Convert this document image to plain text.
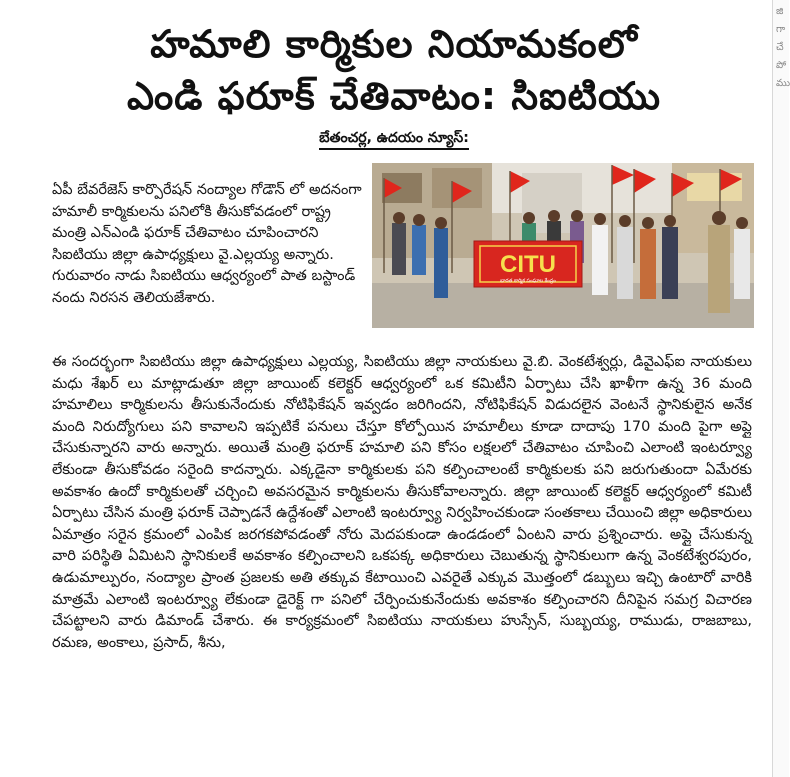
హమాలి కార్మికుల నియామకంలో
ఎండి ఫరూక్ చేతివాటం: సిఐటియు
బేతంచర్ల, ఉదయం న్యూస్:
CITU
భారత కార్మిక సంఘాల కేంద్రం
ఏపీ బేవరేజెస్ కార్పొరేషన్ నంద్యాల గోడౌన్ లో అదనంగా హమాలీ కార్మికులను పనిలోకి తీసుకోవడంలో రాష్ట్ర మంత్రి ఎన్ఎండి ఫరూక్ చేతివాటం చూపించారని సిఐటియు జిల్లా ఉపాధ్యక్షులు వై.ఎల్లయ్య అన్నారు. గురువారం నాడు సిఐటియు ఆధ్వర్యంలో పాత బస్టాండ్ నందు నిరసన తెలియజేశారు.
ఈ సందర్భంగా సిఐటియు జిల్లా ఉపాధ్యక్షులు ఎల్లయ్య, సిఐటియు జిల్లా నాయకులు వై.బి. వెంకటేశ్వర్లు, డివైఎఫ్ఐ నాయకులు మధు శేఖర్ లు మాట్లాడుతూ జిల్లా జాయింట్ కలెక్టర్ ఆధ్వర్యంలో ఒక కమిటీని ఏర్పాటు చేసి ఖాళీగా ఉన్న 36 మంది హమాలిలు కార్మికులను తీసుకునేందుకు నోటిఫికేషన్ ఇవ్వడం జరిగిందని, నోటిఫికేషన్ విడుదలైన వెంటనే స్థానికులైన అనేక మంది నిరుద్యోగులు పని కావాలని ఇప్పటికే పనులు చేస్తూ కోల్పోయిన హమాలీలు కూడా దాదాపు 170 మంది పైగా అప్లై చేసుకున్నారని వారు అన్నారు. అయితే మంత్రి ఫరూక్ హమాలి పని కోసం లక్షలలో చేతివాటం చూపించి ఎలాంటి ఇంటర్వ్యూ లేకుండా తీసుకోవడం సరైంది కాదన్నారు. ఎక్కడైనా కార్మికులకు పని కల్పించాలంటే కార్మికులకు పని జరుగుతుందా ఏమేరకు అవకాశం ఉందో కార్మికులతో చర్చించి అవసరమైన కార్మికులను తీసుకోవాలన్నారు. జిల్లా జాయింట్ కలెక్టర్ ఆధ్వర్యంలో కమిటీ ఏర్పాటు చేసిన మంత్రి ఫరూక్ చెప్పాడనే ఉద్దేశంతో ఎలాంటి ఇంటర్వ్యూ నిర్వహించకుండా సంతకాలు చేయించి జిల్లా అధికారులు ఏమాత్రం సరైన క్రమంలో ఎంపిక జరగకపోవడంతో నోరు మెదపకుండా ఉండడంలో ఏంటని వారు ప్రశ్నించారు. అప్లై చేసుకున్న వారి పరిస్థితి ఏమిటని స్థానికులకే అవకాశం కల్పించాలని ఒకపక్క అధికారులు చెబుతున్న స్థానికులుగా ఉన్న వెంకటేశ్వరపురం, ఉడుమాల్పురం, నంద్యాల ప్రాంత ప్రజలకు అతి తక్కువ కేటాయించి ఎవరైతే ఎక్కువ మొత్తంలో డబ్బులు ఇచ్చి ఉంటారో వారికి మాత్రమే ఎలాంటి ఇంటర్వ్యూ లేకుండా డైరెక్ట్ గా పనిలో చేర్పించుకునేందుకు అవకాశం కల్పించారని దీనిపైన సమగ్ర విచారణ చేపట్టాలని వారు డిమాండ్ చేశారు. ఈ కార్యక్రమంలో సిఐటియు నాయకులు హుస్సేన్, సుబ్బయ్య, రాముడు, రాజబాబు, రమణ, అంకాలు, ప్రసాద్, శీను,
జి
గా
చే
పో
ము
